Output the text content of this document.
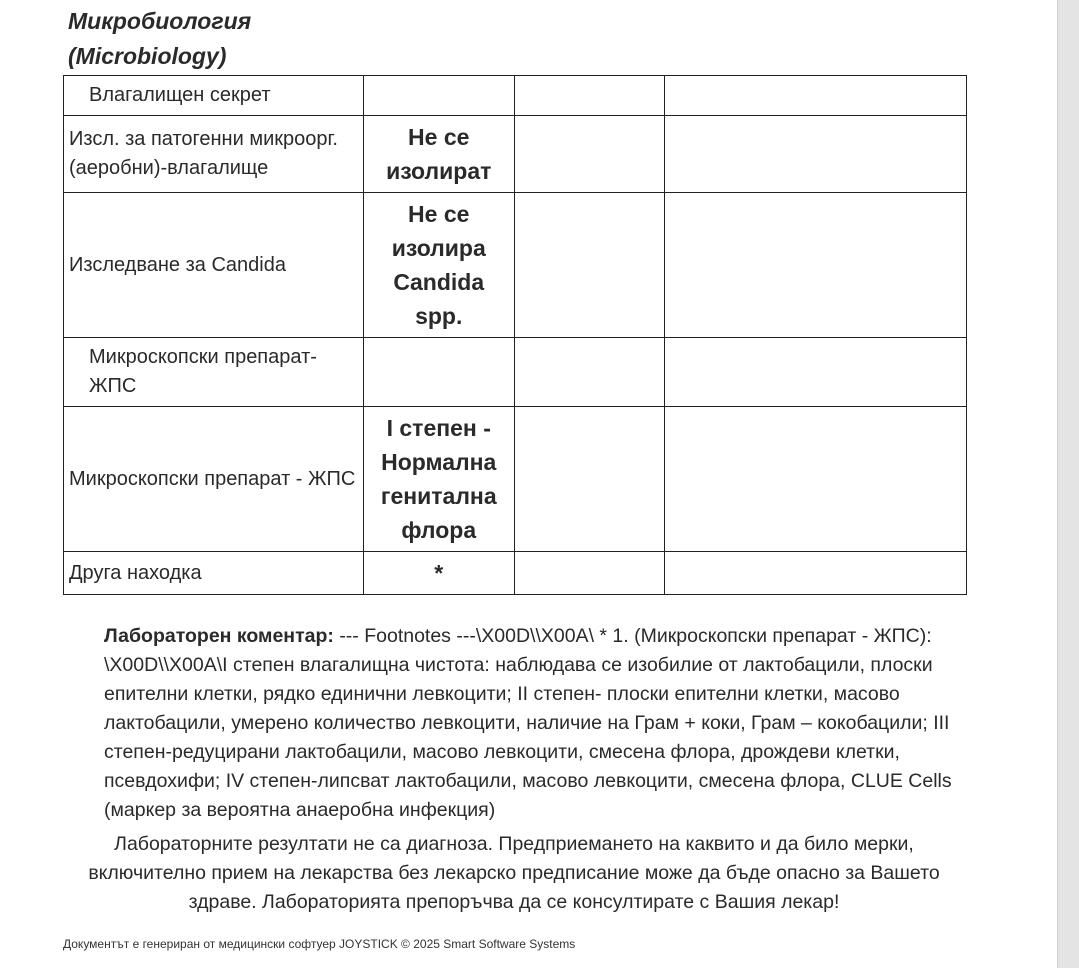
Микробиология
(Microbiology)
Влагалищен секрет			
Изсл. за патогенни микроорг. (аеробни)-влагалище	Не се изолират		
Изследване за Candida	Не се изолира Candida spp.		
Микроскопски препарат-ЖПС			
Микроскопски препарат - ЖПС	I степен - Нормална генитална флора		
Друга находка	*		
Лабораторен коментар: --- Footnotes ---\X00D\\X00A\ * 1. (Микроскопски препарат - ЖПС): \X00D\\X00A\I степен влагалищна чистота: наблюдава се изобилие от лактобацили, плоски епителни клетки, рядко единични левкоцити; II степен- плоски епителни клетки, масово лактобацили, умерено количество левкоцити, наличие на Грам + коки, Грам – кокобацили; III степен-редуцирани лактобацили, масово левкоцити, смесена флора, дрождеви клетки, псевдохифи; IV степен-липсват лактобацили, масово левкоцити, смесена флора, CLUE Cells (маркер за вероятна анаеробна инфекция)
Лабораторните резултати не са диагноза. Предприемането на каквито и да било мерки, включително прием на лекарства без лекарско предписание може да бъде опасно за Вашето здраве. Лабораторията препоръчва да се консултирате с Вашия лекар!
Документът е генериран от медицински софтуер JOYSTICK © 2025 Smart Software Systems
